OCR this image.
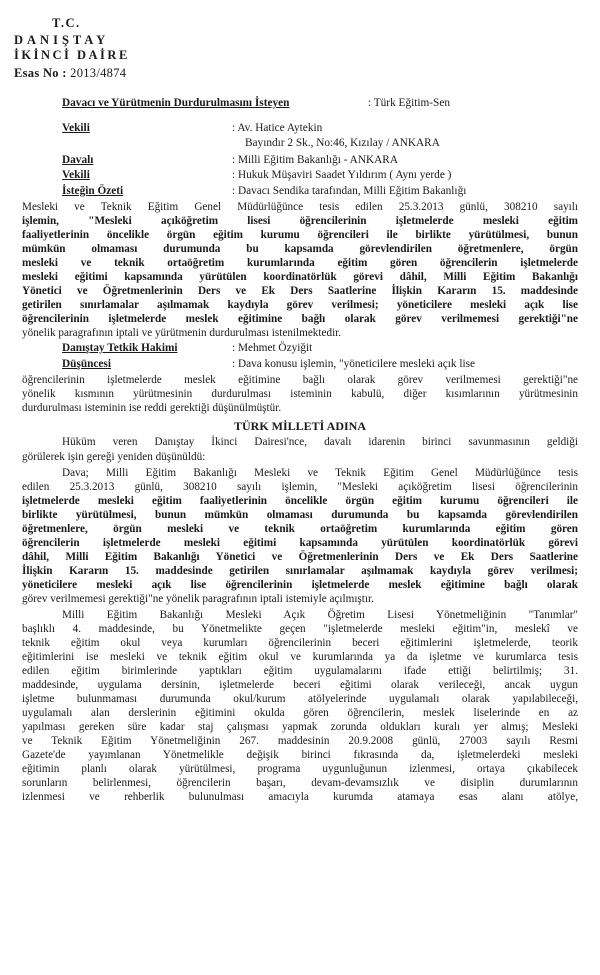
T.C.
DANIŞTAY
İKİNCİ DAİRE
Esas No : 2013/4874
Davacı ve Yürütmenin Durdurulmasını İsteyen	: Türk Eğitim-Sen
Vekili	: Av. Hatice Aytekin
Bayındır 2 Sk., No:46, Kızılay / ANKARA
Davalı	: Milli Eğitim Bakanlığı - ANKARA
Vekili	: Hukuk Müşaviri Saadet Yıldırım ( Aynı yerde )
İsteğin Özeti	: Davacı Sendika tarafından, Milli Eğitim Bakanlığı
Mesleki ve Teknik Eğitim Genel Müdürlüğünce tesis edilen 25.3.2013 günlü, 308210 sayılı
işlemin, "Mesleki açıköğretim lisesi öğrencilerinin işletmelerde mesleki eğitim
faaliyetlerinin öncelikle örgün eğitim kurumu öğrencileri ile birlikte yürütülmesi, bunun
mümkün olmaması durumunda bu kapsamda görevlendirilen öğretmenlere, örgün
mesleki ve teknik ortaöğretim kurumlarında eğitim gören öğrencilerin işletmelerde
mesleki eğitimi kapsamında yürütülen koordinatörlük görevi dâhil, Milli Eğitim Bakanlığı
Yönetici ve Öğretmenlerinin Ders ve Ek Ders Saatlerine İlişkin Kararın 15. maddesinde
getirilen sınırlamalar aşılmamak kaydıyla görev verilmesi; yöneticilere mesleki açık lise
öğrencilerinin işletmelerde meslek eğitimine bağlı olarak görev verilmemesi gerektiği"ne
yönelik paragrafının iptali ve yürütmenin durdurulması istenilmektedir.
Danıştay Tetkik Hakimi	: Mehmet Özyiğit
Düşüncesi	: Dava konusu işlemin, "yöneticilere mesleki açık lise
öğrencilerinin işletmelerde meslek eğitimine bağlı olarak görev verilmemesi gerektiği"ne
yönelik kısmının yürütmesinin durdurulması isteminin kabulü, diğer kısımlarının yürütmesinin
durdurulması isteminin ise reddi gerektiği düşünülmüştür.
TÜRK MİLLETİ ADINA
Hüküm veren Danıştay İkinci Dairesi'nce, davalı idarenin birinci savunmasının geldiği
görülerek işin gereği yeniden düşünüldü:
Dava; Milli Eğitim Bakanlığı Mesleki ve Teknik Eğitim Genel Müdürlüğünce tesis
edilen 25.3.2013 günlü, 308210 sayılı işlemin, "Mesleki açıköğretim lisesi öğrencilerinin
işletmelerde mesleki eğitim faaliyetlerinin öncelikle örgün eğitim kurumu öğrencileri ile
birlikte yürütülmesi, bunun mümkün olmaması durumunda bu kapsamda görevlendirilen
öğretmenlere, örgün mesleki ve teknik ortaöğretim kurumlarında eğitim gören
öğrencilerin işletmelerde mesleki eğitimi kapsamında yürütülen koordinatörlük görevi
dâhil, Milli Eğitim Bakanlığı Yönetici ve Öğretmenlerinin Ders ve Ek Ders Saatlerine
İlişkin Kararın 15. maddesinde getirilen sınırlamalar aşılmamak kaydıyla görev verilmesi;
yöneticilere mesleki açık lise öğrencilerinin işletmelerde meslek eğitimine bağlı olarak
görev verilmemesi gerektiği"ne yönelik paragrafının iptali istemiyle açılmıştır.
Milli Eğitim Bakanlığı Mesleki Açık Öğretim Lisesi Yönetmeliğinin "Tanımlar"
başlıklı 4. maddesinde, bu Yönetmelikte geçen "işletmelerde mesleki eğitim"in, meslekî ve
teknik eğitim okul veya kurumları öğrencilerinin beceri eğitimlerini işletmelerde, teorik
eğitimlerini ise mesleki ve teknik eğitim okul ve kurumlarında ya da işletme ve kurumlarca tesis
edilen eğitim birimlerinde yaptıkları eğitim uygulamalarını ifade ettiği belirtilmiş; 31.
maddesinde, uygulama dersinin, işletmelerde beceri eğitimi olarak verileceği, ancak uygun
işletme bulunmaması durumunda okul/kurum atölyelerinde uygulamalı olarak yapılabileceği,
uygulamalı alan derslerinin eğitimini okulda gören öğrencilerin, meslek liselerinde en az
yapılması gereken süre kadar staj çalışması yapmak zorunda oldukları kuralı yer almış; Mesleki
ve Teknik Eğitim Yönetmeliğinin 267. maddesinin 20.9.2008 günlü, 27003 sayılı Resmi
Gazete'de yayımlanan Yönetmelikle değişik birinci fıkrasında da, işletmelerdeki mesleki
eğitimin planlı olarak yürütülmesi, programa uygunluğunun izlenmesi, ortaya çıkabilecek
sorunların belirlenmesi, öğrencilerin başarı, devam-devamsızlık ve disiplin durumlarının
izlenmesi ve rehberlik bulunulması amacıyla kurumda atamaya esas alanı atölye,
